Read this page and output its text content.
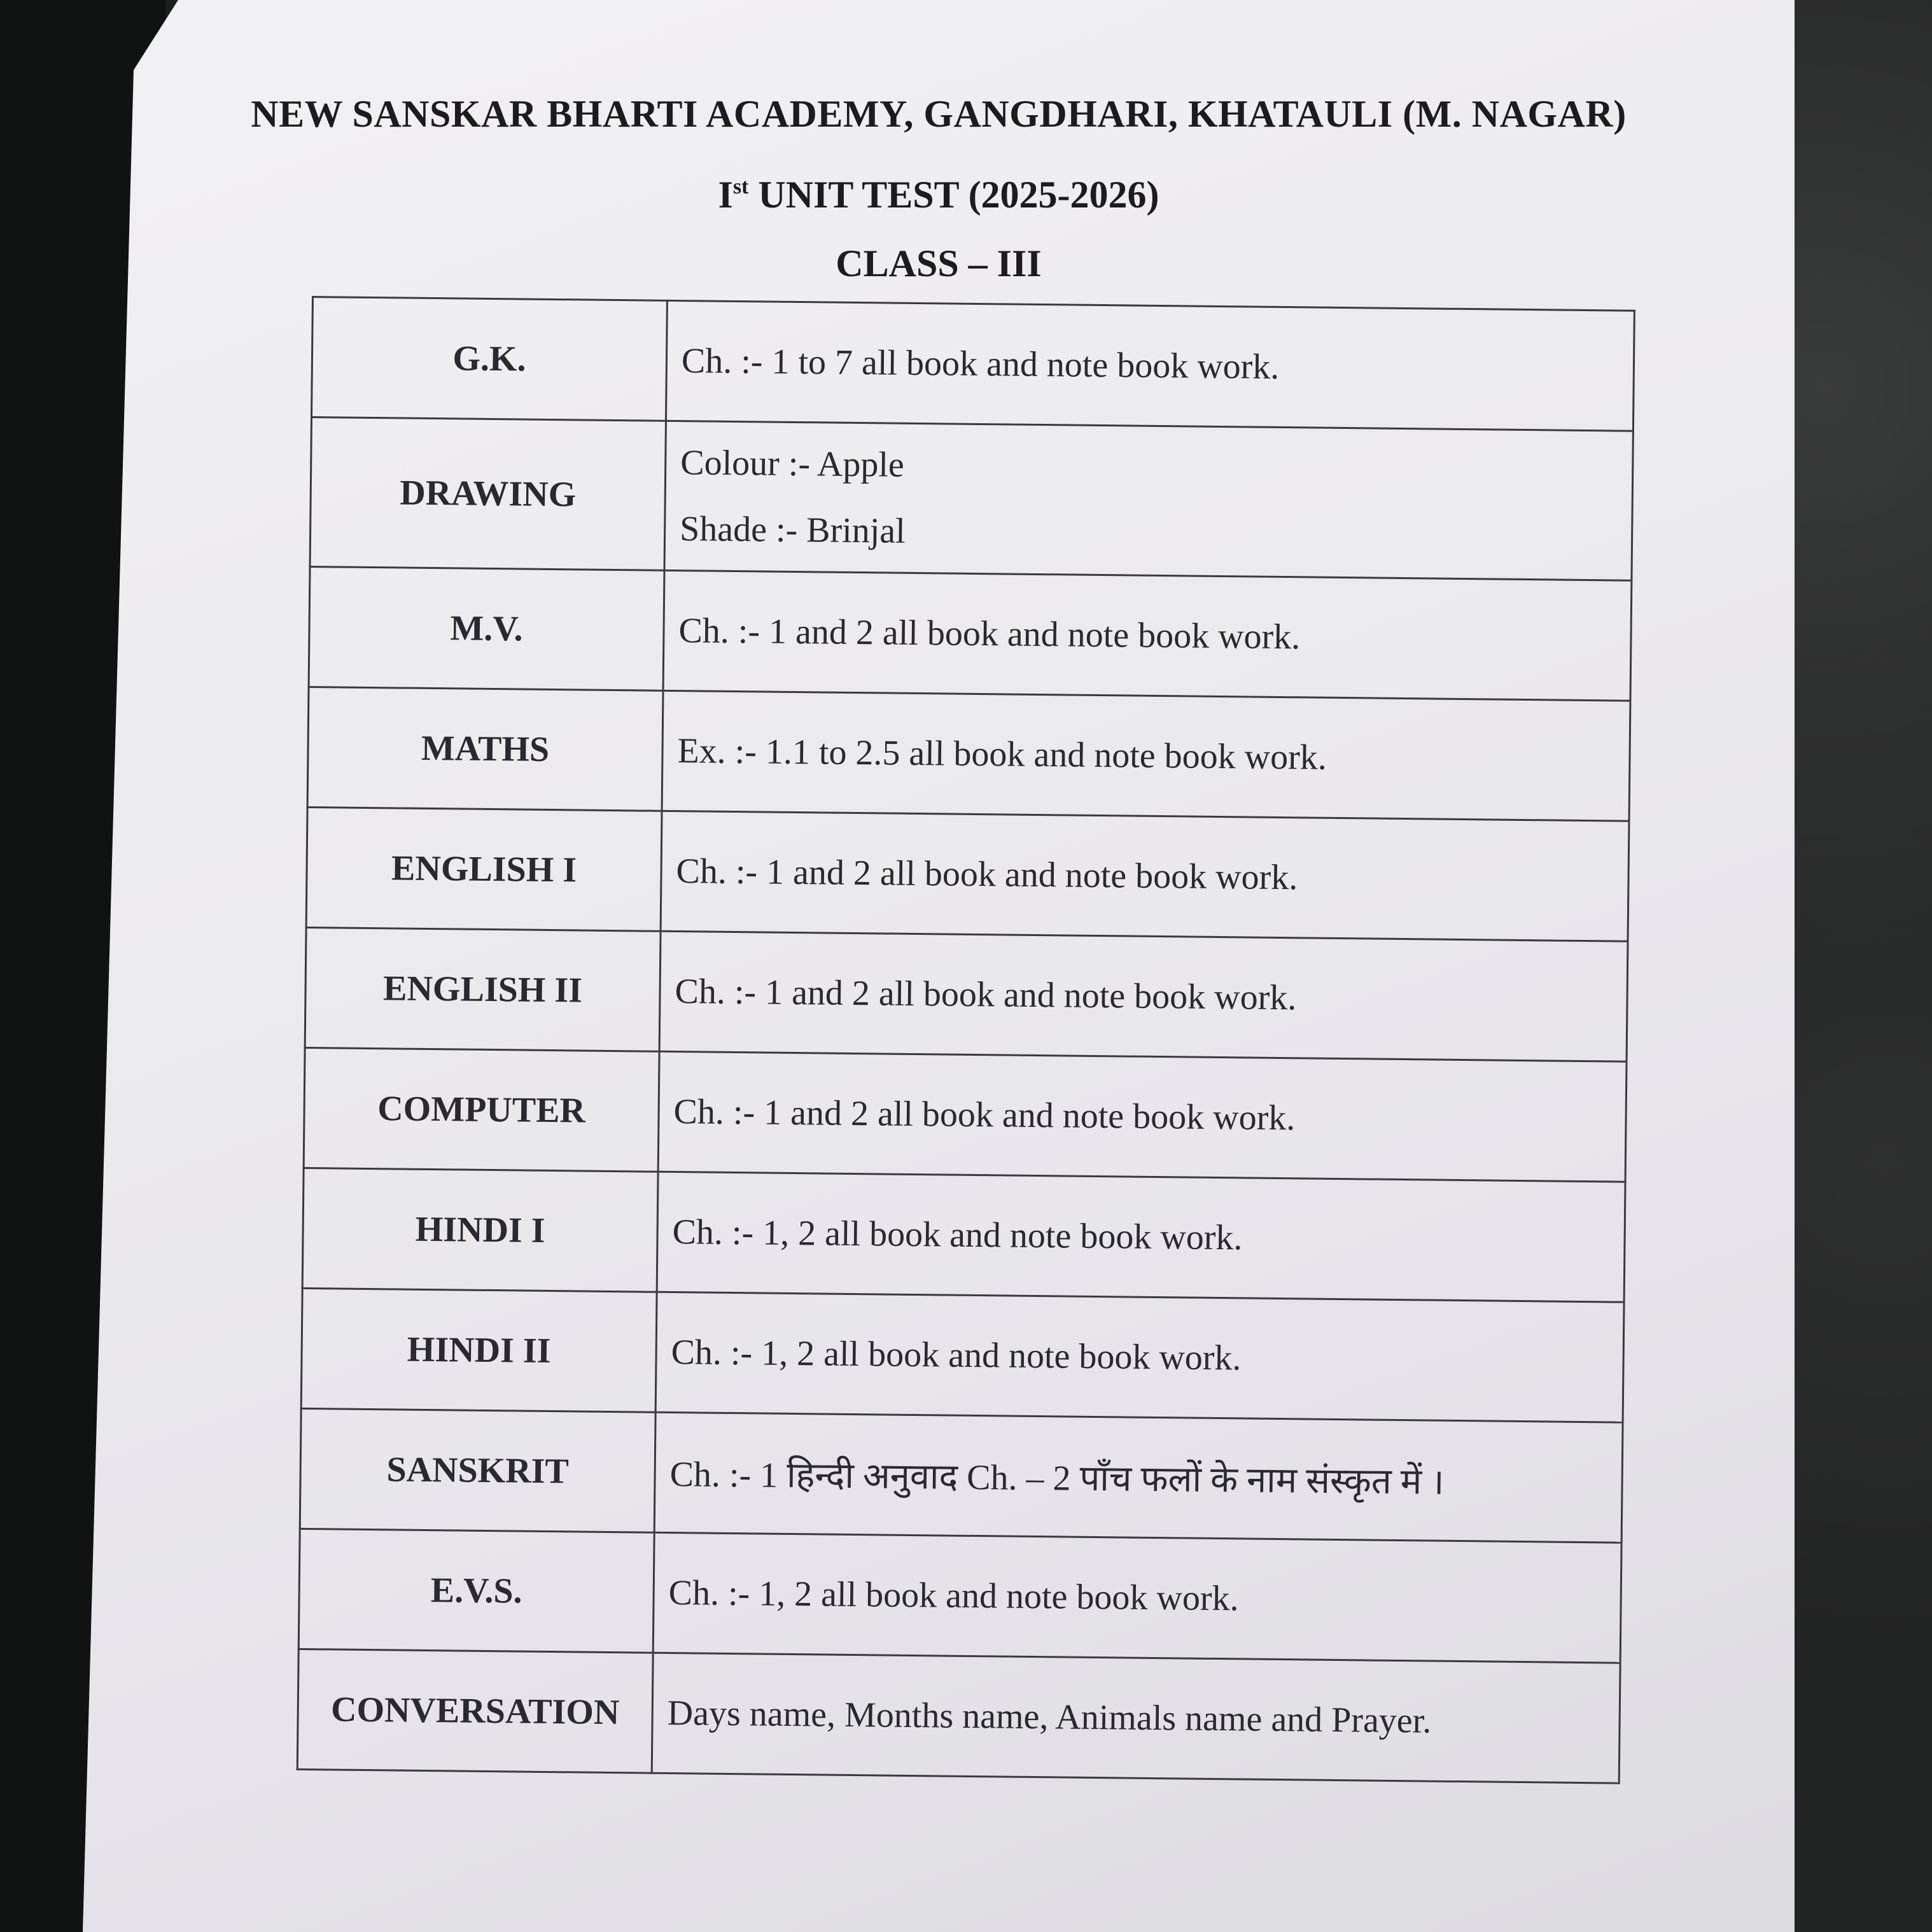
NEW SANSKAR BHARTI ACADEMY, GANGDHARI, KHATAULI (M. NAGAR)
Ist UNIT TEST (2025-2026)
CLASS – III
G.K.	Ch. :- 1 to 7 all book and note book work.
DRAWING	Colour :- Apple
Shade :- Brinjal

M.V.	Ch. :- 1 and 2 all book and note book work.
MATHS	Ex. :- 1.1 to 2.5 all book and note book work.
ENGLISH I	Ch. :- 1 and 2 all book and note book work.
ENGLISH II	Ch. :- 1 and 2 all book and note book work.
COMPUTER	Ch. :- 1 and 2 all book and note book work.
HINDI I	Ch. :- 1, 2 all book and note book work.
HINDI II	Ch. :- 1, 2 all book and note book work.
SANSKRIT	Ch. :- 1 हिन्दी अनुवाद Ch. – 2 पाँच फलों के नाम संस्कृत में ।
E.V.S.	Ch. :- 1, 2 all book and note book work.
CONVERSATION	Days name, Months name, Animals name and Prayer.
